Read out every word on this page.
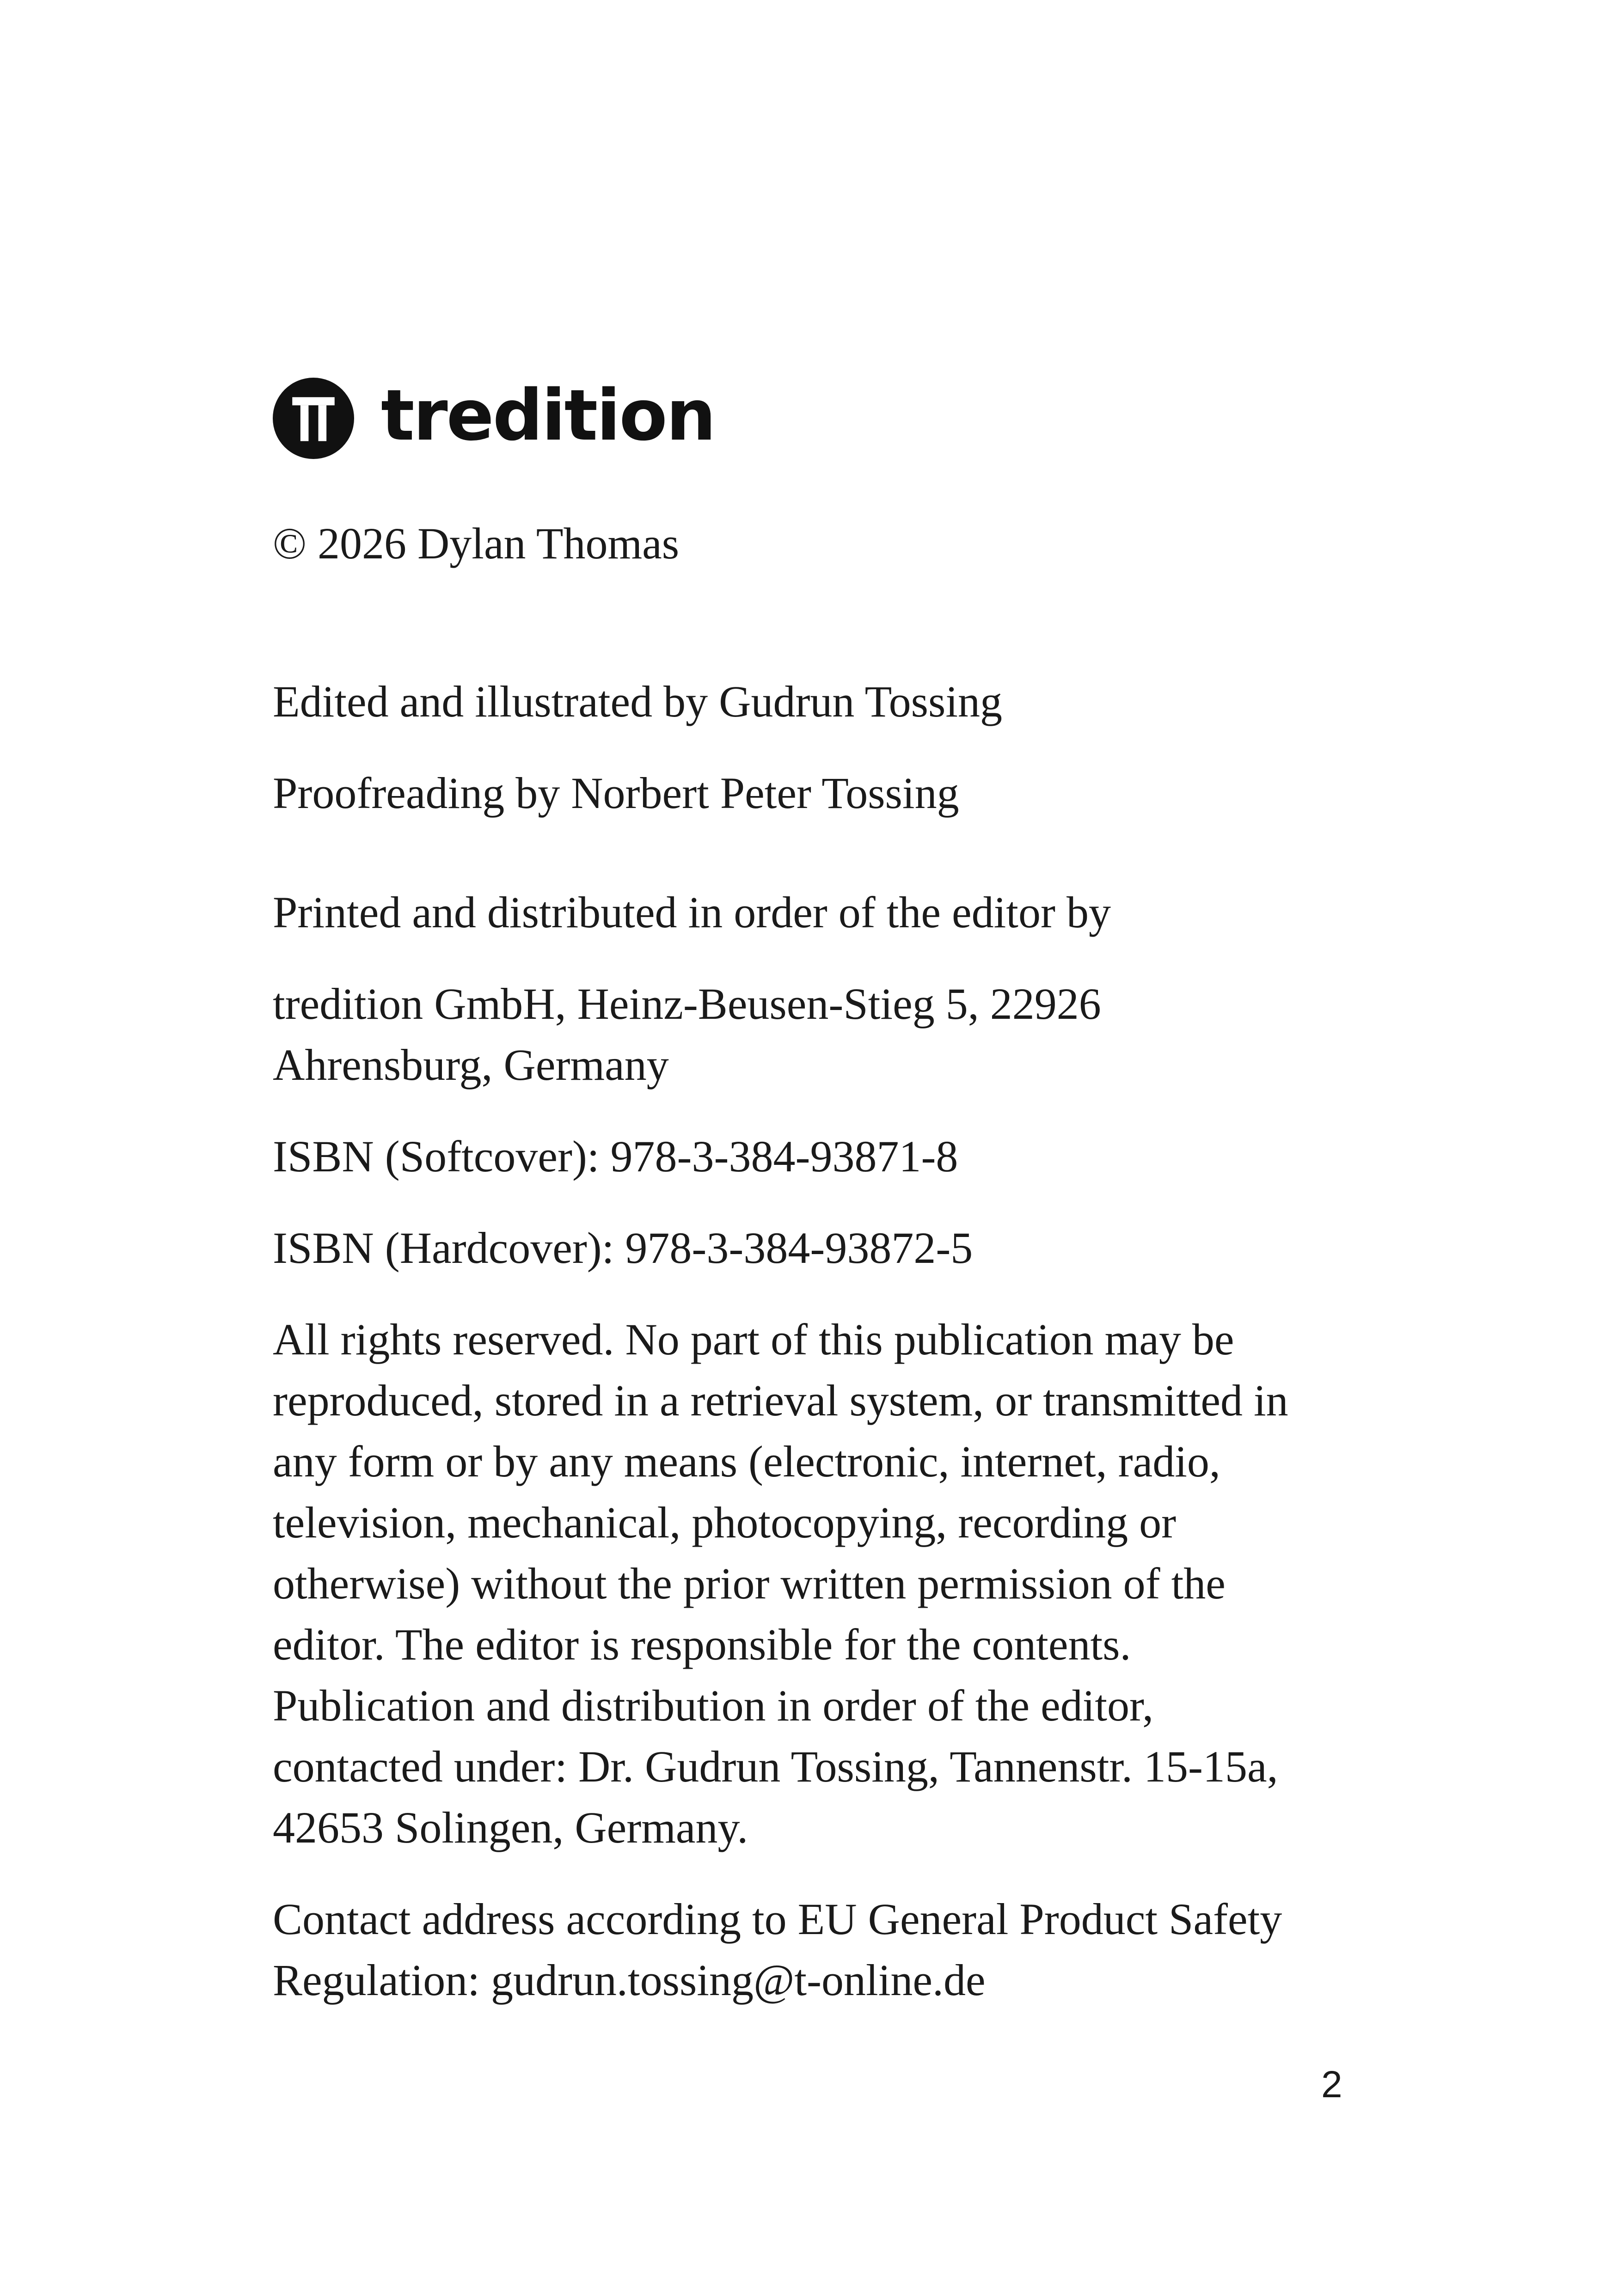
tredition

© 2026 Dylan Thomas

Edited and illustrated by Gudrun Tossing

Proofreading by Norbert Peter Tossing

Printed and distributed in order of the editor by

tredition GmbH, Heinz-Beusen-Stieg 5, 22926

Ahrensburg, Germany

ISBN (Softcover): 978-3-384-93871-8

ISBN (Hardcover): 978-3-384-93872-5

All rights reserved. No part of this publication may be

reproduced, stored in a retrieval system, or transmitted in

any form or by any means (electronic, internet, radio,

television, mechanical, photocopying, recording or

otherwise) without the prior written permission of the

editor. The editor is responsible for the contents.

Publication and distribution in order of the editor,

contacted under: Dr. Gudrun Tossing, Tannenstr. 15-15a,

42653 Solingen, Germany.

Contact address according to EU General Product Safety

Regulation: gudrun.tossing@t-online.de

2
